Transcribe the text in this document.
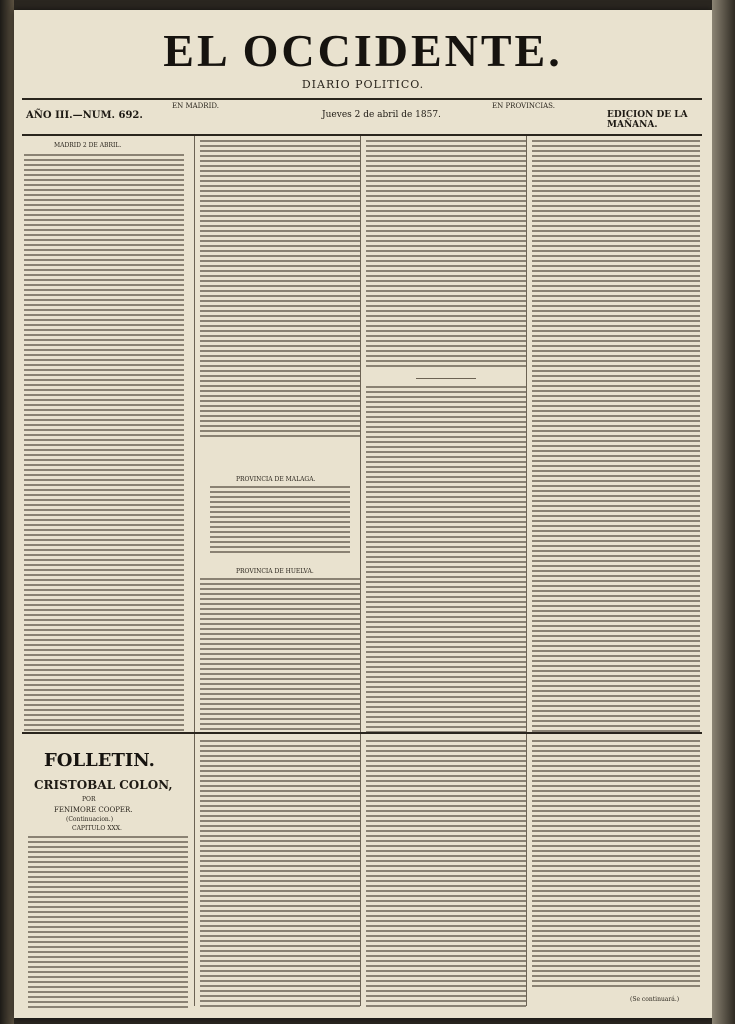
EL OCCIDENTE.
DIARIO POLITICO.
AÑO III.—NUM. 692.
EN MADRID.
Jueves 2 de abril de 1857.
EN PROVINCIAS.
EDICION DE LA MAÑANA.
MADRID 2 DE ABRIL.
PROVINCIA DE MALAGA.
PROVINCIA DE HUELVA.
FOLLETIN.
CRISTOBAL COLON,
POR
FENIMORE COOPER.
(Continuacion.)
CAPITULO XXX.
(Se continuará.)
